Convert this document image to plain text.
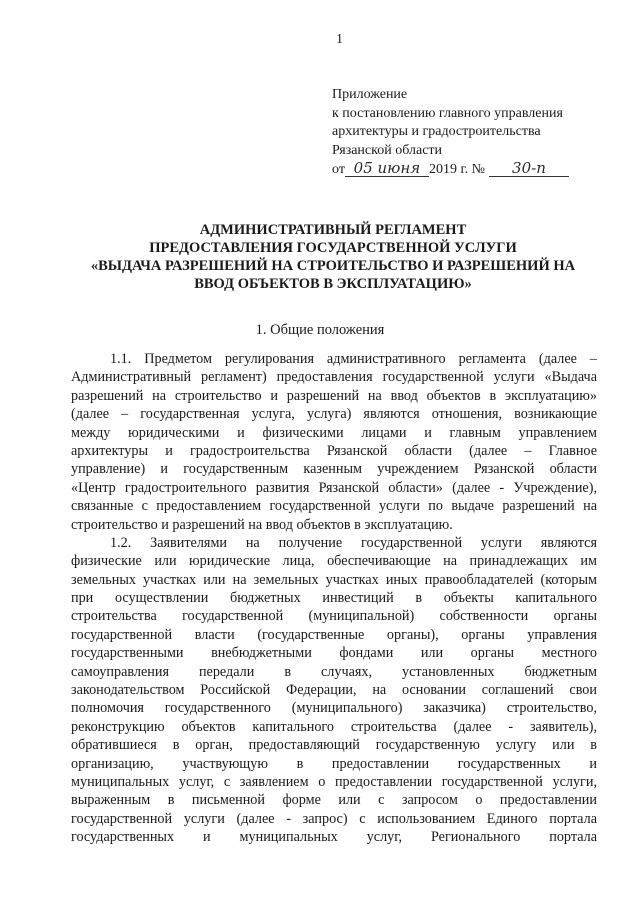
1
Приложение
к постановлению главного управления
архитектуры и градостроительства
Рязанской области
от 05 июня 2019 г. № 30-п
АДМИНИСТРАТИВНЫЙ РЕГЛАМЕНТ
ПРЕДОСТАВЛЕНИЯ ГОСУДАРСТВЕННОЙ УСЛУГИ
«ВЫДАЧА РАЗРЕШЕНИЙ НА СТРОИТЕЛЬСТВО И РАЗРЕШЕНИЙ НА
ВВОД ОБЪЕКТОВ В ЭКСПЛУАТАЦИЮ»
1. Общие положения
1.1. Предметом регулирования административного регламента (далее –
Административный регламент) предоставления государственной услуги «Выдача
разрешений на строительство и разрешений на ввод объектов в эксплуатацию»
(далее – государственная услуга, услуга) являются отношения, возникающие
между юридическими и физическими лицами и главным управлением
архитектуры и градостроительства Рязанской области (далее – Главное
управление) и государственным казенным учреждением Рязанской области
«Центр градостроительного развития Рязанской области» (далее - Учреждение),
связанные с предоставлением государственной услуги по выдаче разрешений на
строительство и разрешений на ввод объектов в эксплуатацию.
1.2. Заявителями на получение государственной услуги являются
физические или юридические лица, обеспечивающие на принадлежащих им
земельных участках или на земельных участках иных правообладателей (которым
при осуществлении бюджетных инвестиций в объекты капитального
строительства государственной (муниципальной) собственности органы
государственной власти (государственные органы), органы управления
государственными внебюджетными фондами или органы местного
самоуправления передали в случаях, установленных бюджетным
законодательством Российской Федерации, на основании соглашений свои
полномочия государственного (муниципального) заказчика) строительство,
реконструкцию объектов капитального строительства (далее - заявитель),
обратившиеся в орган, предоставляющий государственную услугу или в
организацию, участвующую в предоставлении государственных и
муниципальных услуг, с заявлением о предоставлении государственной услуги,
выраженным в письменной форме или с запросом о предоставлении
государственной услуги (далее - запрос) с использованием Единого портала
государственных и муниципальных услуг, Регионального портала
